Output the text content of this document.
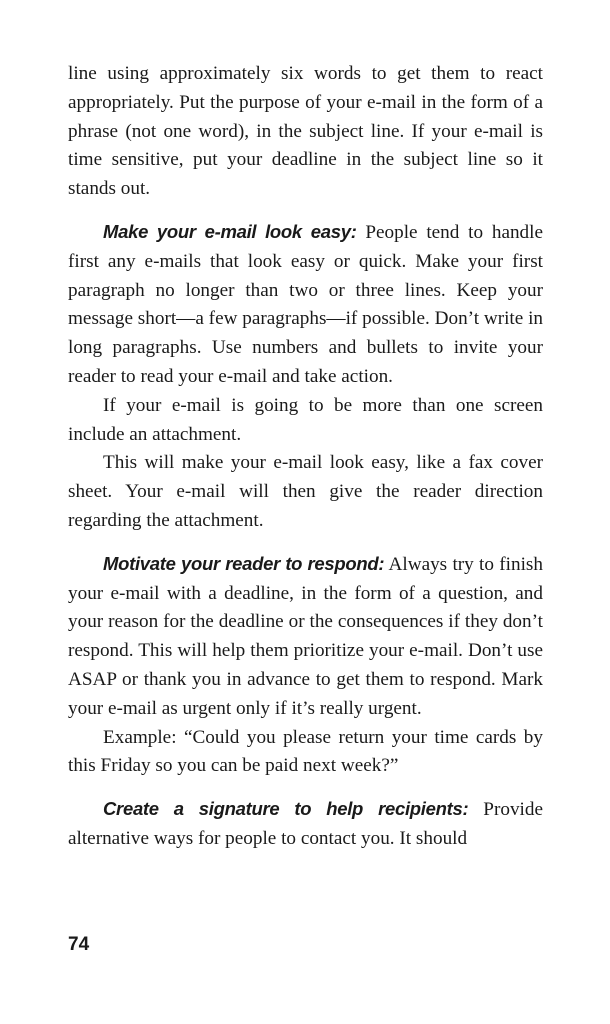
line using approximately six words to get them to react appropriately. Put the purpose of your e-mail in the form of a phrase (not one word), in the subject line. If your e-mail is time sensitive, put your deadline in the subject line so it stands out.

Make your e-mail look easy: People tend to handle first any e-mails that look easy or quick. Make your first paragraph no longer than two or three lines. Keep your message short—a few paragraphs—if possible. Don’t write in long paragraphs. Use numbers and bullets to invite your reader to read your e-mail and take action.

If your e-mail is going to be more than one screen include an attachment.

This will make your e-mail look easy, like a fax cover sheet. Your e-mail will then give the reader direction regarding the attachment.

Motivate your reader to respond: Always try to finish your e-mail with a deadline, in the form of a question, and your reason for the deadline or the consequences if they don’t respond. This will help them prioritize your e-mail. Don’t use ASAP or thank you in advance to get them to respond. Mark your e-mail as urgent only if it’s really urgent.

Example: “Could you please return your time cards by this Friday so you can be paid next week?”

Create a signature to help recipients: Provide alternative ways for people to contact you. It should

74
